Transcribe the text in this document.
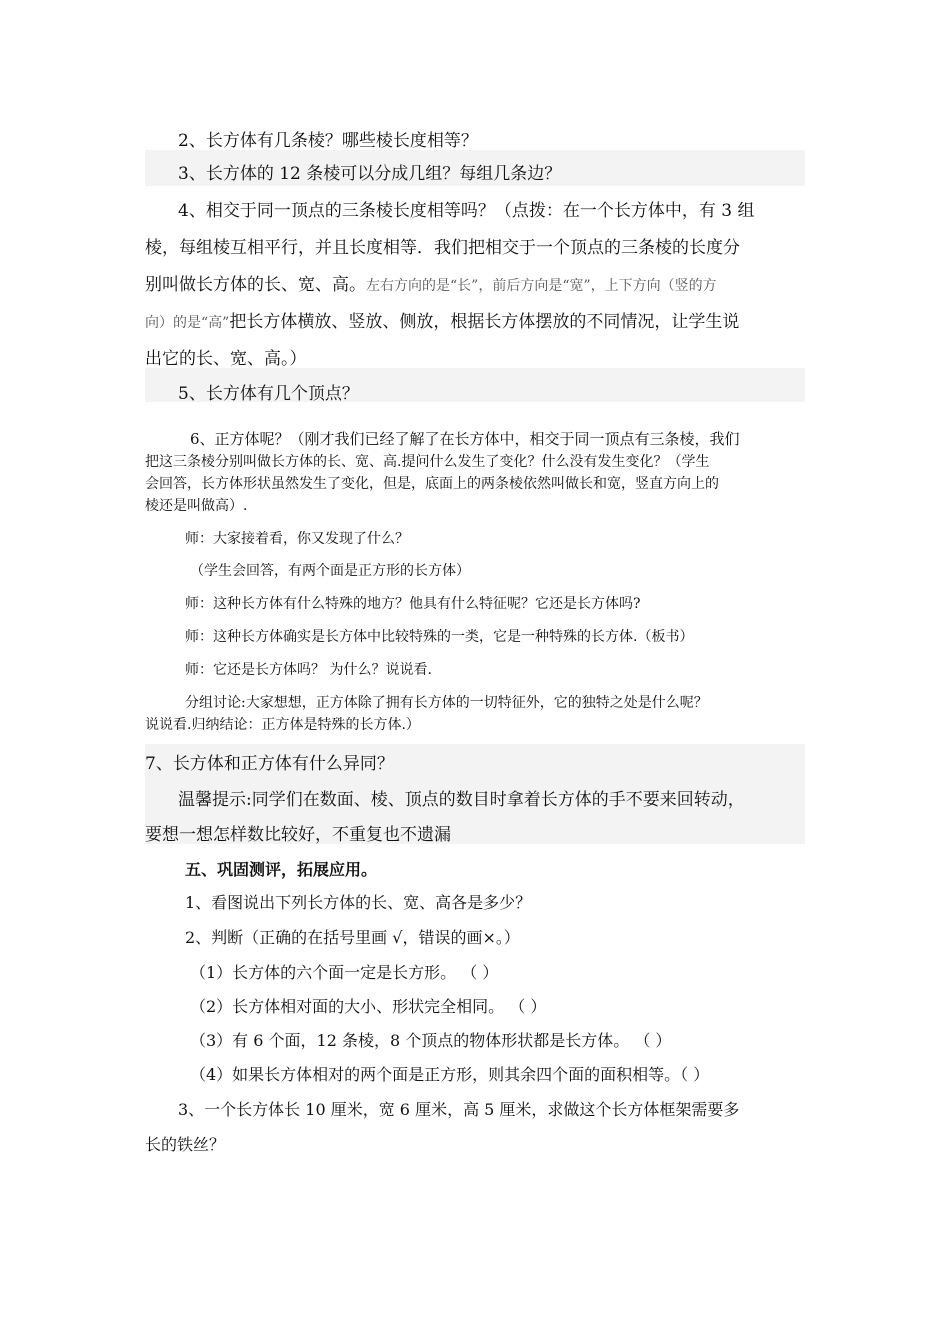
2、长方体有几条棱？哪些棱长度相等？
3、长方体的 12 条棱可以分成几组？每组几条边？
4、相交于同一顶点的三条棱长度相等吗？（点拨：在一个长方体中，有 3 组
棱，每组棱互相平行，并且长度相等．我们把相交于一个顶点的三条棱的长度分
别叫做长方体的长、宽、高。左右方向的是“长”，前后方向是“宽”，上下方向（竖的方
向）的是“高”把长方体横放、竖放、侧放，根据长方体摆放的不同情况，让学生说
出它的长、宽、高。）
5、长方体有几个顶点？
6、正方体呢？（刚才我们已经了解了在长方体中，相交于同一顶点有三条棱，我们
把这三条棱分别叫做长方体的长、宽、高.提问什么发生了变化？什么没有发生变化？（学生
会回答，长方体形状虽然发生了变化，但是，底面上的两条棱依然叫做长和宽，竖直方向上的
棱还是叫做高）.
师：大家接着看，你又发现了什么？
（学生会回答，有两个面是正方形的长方体）
师：这种长方体有什么特殊的地方？他具有什么特征呢？它还是长方体吗?
师：这种长方体确实是长方体中比较特殊的一类，它是一种特殊的长方体.（板书）
师：它还是长方体吗？ 为什么？说说看.
分组讨论:大家想想，正方体除了拥有长方体的一切特征外，它的独特之处是什么呢？
说说看.归纳结论：正方体是特殊的长方体.）
7、长方体和正方体有什么异同？
温馨提示:同学们在数面、棱、顶点的数目时拿着长方体的手不要来回转动，
要想一想怎样数比较好，不重复也不遗漏
五、巩固测评，拓展应用。
1、看图说出下列长方体的长、宽、高各是多少？
2、判断（正确的在括号里画 √，错误的画×。）
（1）长方体的六个面一定是长方形。 （ ）
（2）长方体相对面的大小、形状完全相同。 （ ）
（3）有 6 个面，12 条棱，8 个顶点的物体形状都是长方体。 （ ）
（4）如果长方体相对的两个面是正方形，则其余四个面的面积相等。（ ）
3、一个长方体长 10 厘米，宽 6 厘米，高 5 厘米，求做这个长方体框架需要多
长的铁丝？
